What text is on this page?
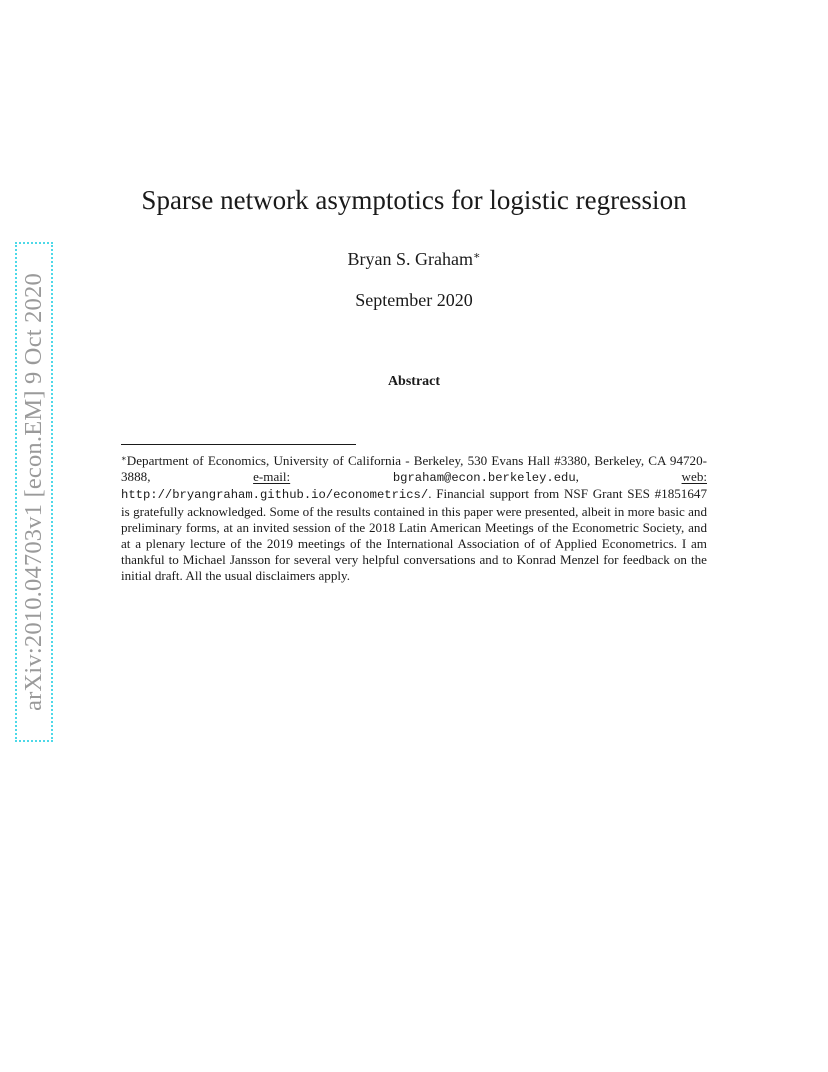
arXiv:2010.04703v1 [econ.EM] 9 Oct 2020
Sparse network asymptotics for logistic regression
Bryan S. Graham∗
September 2020
Abstract

∗Department of Economics, University of California - Berkeley, 530 Evans Hall #3380, Berkeley, CA 94720-3888,	e-mail:	bgraham@econ.berkeley.edu, web: http://bryangraham.github.io/econometrics/. Financial support from NSF Grant SES #1851647 is gratefully acknowledged. Some of the results contained in this paper were presented, albeit in more basic and preliminary forms, at an invited session of the 2018 Latin American Meetings of the Econometric Society, and at a plenary lecture of the 2019 meetings of the International Association of of Applied Econometrics. I am thankful to Michael Jansson for several very helpful conversations and to Konrad Menzel for feedback on the initial draft. All the usual disclaimers apply.
